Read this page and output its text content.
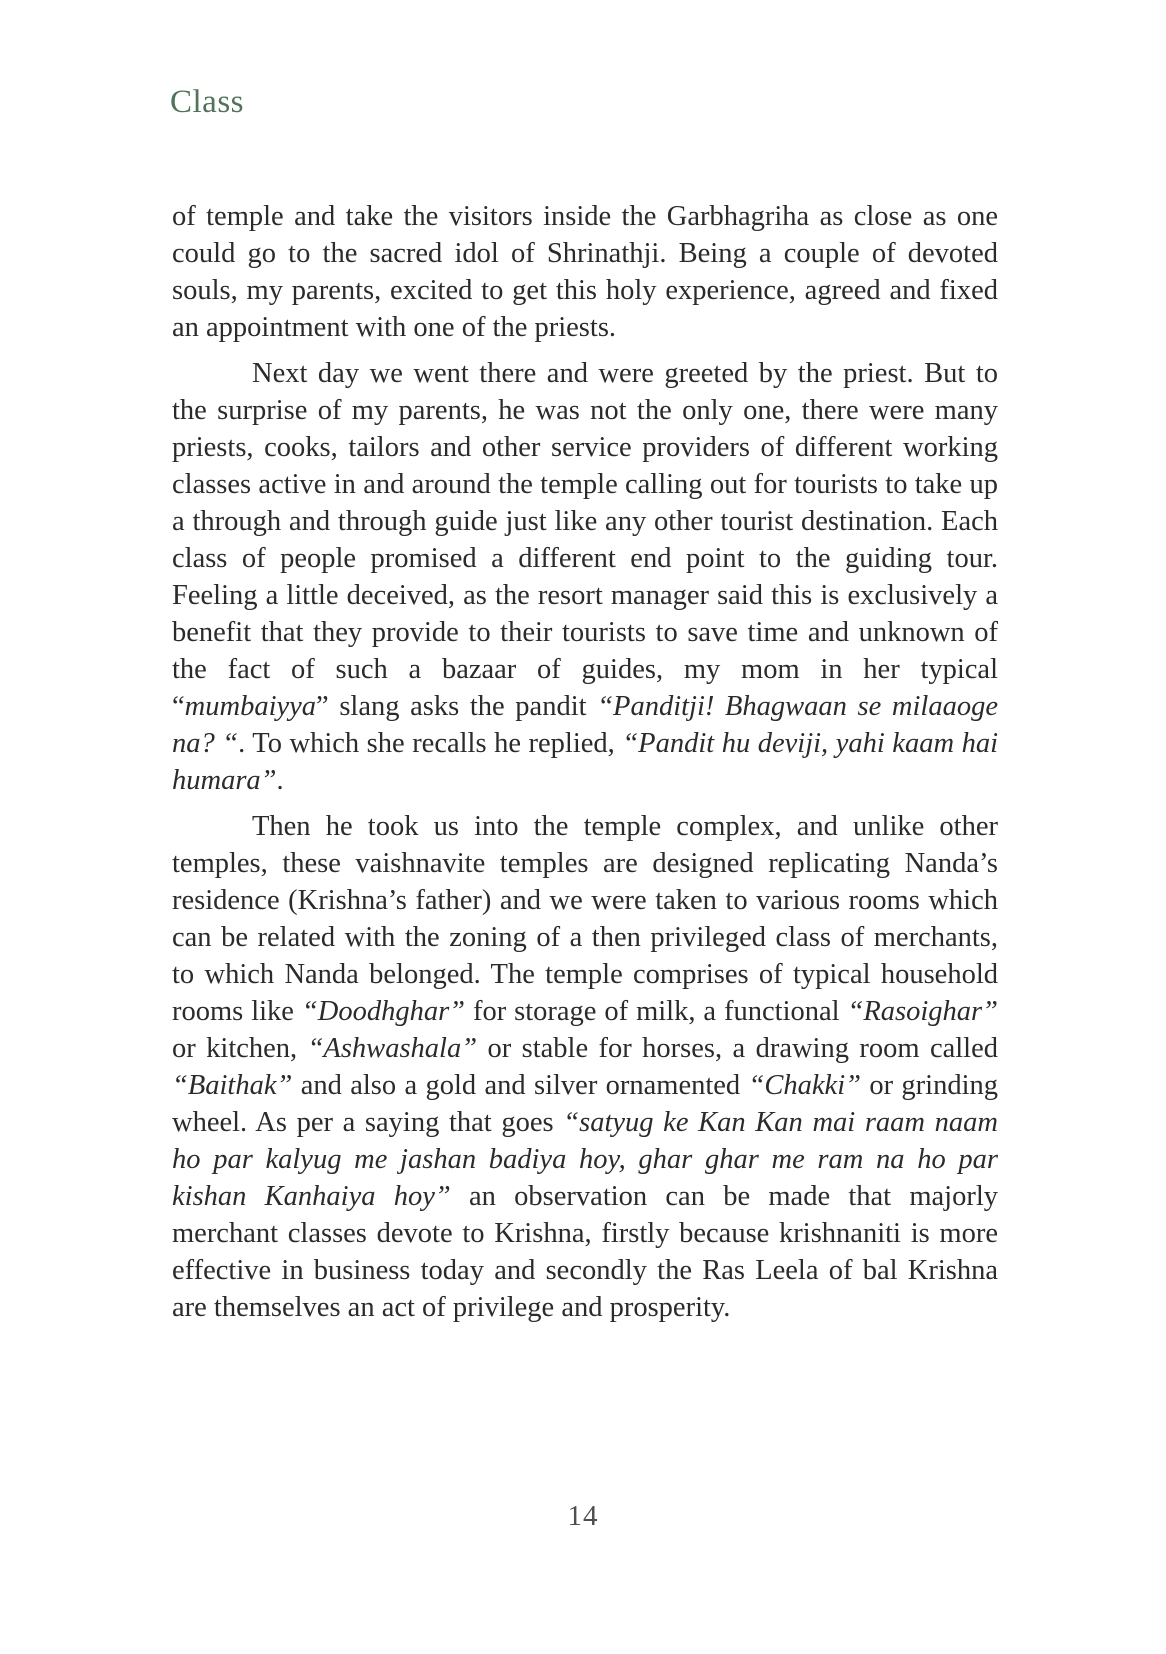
Class

of temple and take the visitors inside the Garbhagriha as close as one could go to the sacred idol of Shrinathji. Being a couple of devoted souls, my parents, excited to get this holy experience, agreed and fixed an appointment with one of the priests.

Next day we went there and were greeted by the priest. But to the surprise of my parents, he was not the only one, there were many priests, cooks, tailors and other service providers of different working classes active in and around the temple calling out for tourists to take up a through and through guide just like any other tourist destination. Each class of people promised a different end point to the guiding tour. Feeling a little deceived, as the resort manager said this is exclusively a benefit that they provide to their tourists to save time and unknown of the fact of such a bazaar of guides, my mom in her typical “mumbaiyya” slang asks the pandit “Panditji! Bhagwaan se milaaoge na? “. To which she recalls he replied, “Pandit hu deviji, yahi kaam hai humara”.

Then he took us into the temple complex, and unlike other temples, these vaishnavite temples are designed replicating Nanda’s residence (Krishna’s father) and we were taken to various rooms which can be related with the zoning of a then privileged class of merchants, to which Nanda belonged. The temple comprises of typical household rooms like “Doodhghar” for storage of milk, a functional “Rasoighar” or kitchen, “Ashwashala” or stable for horses, a drawing room called “Baithak” and also a gold and silver ornamented “Chakki” or grinding wheel. As per a saying that goes “satyug ke Kan Kan mai raam naam ho par kalyug me jashan badiya hoy, ghar ghar me ram na ho par kishan Kanhaiya hoy” an observation can be made that majorly merchant classes devote to Krishna, firstly because krishnaniti is more effective in business today and secondly the Ras Leela of bal Krishna are themselves an act of privilege and prosperity.

14
